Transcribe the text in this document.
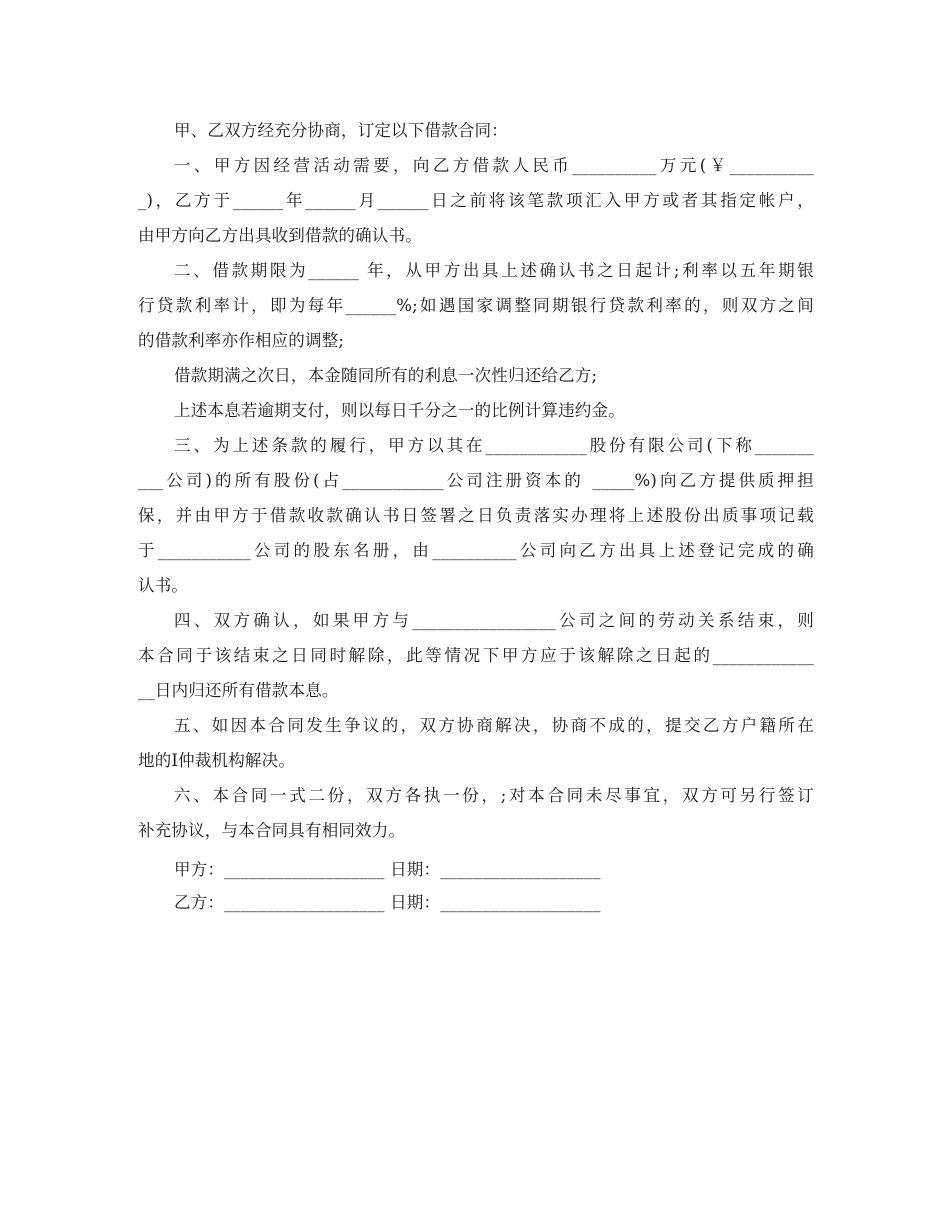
甲、乙双方经充分协商，订定以下借款合同：
一、甲方因经营活动需要，向乙方借款人民币__________万元(￥__________
_)，乙方于______年______月______日之前将该笔款项汇入甲方或者其指定帐户，
由甲方向乙方出具收到借款的确认书。
二、借款期限为______ 年，从甲方出具上述确认书之日起计;利率以五年期银
行贷款利率计，即为每年______%;如遇国家调整同期银行贷款利率的，则双方之间
的借款利率亦作相应的调整;
借款期满之次日，本金随同所有的利息一次性归还给乙方;
上述本息若逾期支付，则以每日千分之一的比例计算违约金。
三、为上述条款的履行，甲方以其在____________股份有限公司(下称_______
___公司)的所有股份(占____________公司注册资本的 _____%)向乙方提供质押担
保，并由甲方于借款收款确认书日签署之日负责落实办理将上述股份出质事项记载
于___________公司的股东名册，由__________公司向乙方出具上述登记完成的确
认书。
四、双方确认，如果甲方与_________________公司之间的劳动关系结束，则
本合同于该结束之日同时解除，此等情况下甲方应于该解除之日起的____________
__日内归还所有借款本息。
五、如因本合同发生争议的，双方协商解决，协商不成的，提交乙方户籍所在
地的Ⅰ仲裁机构解决。
六、本合同一式二份，双方各执一份，;对本合同未尽事宜，双方可另行签订
补充协议，与本合同具有相同效力。
甲方：___________________ 日期：___________________
乙方：___________________ 日期：___________________
